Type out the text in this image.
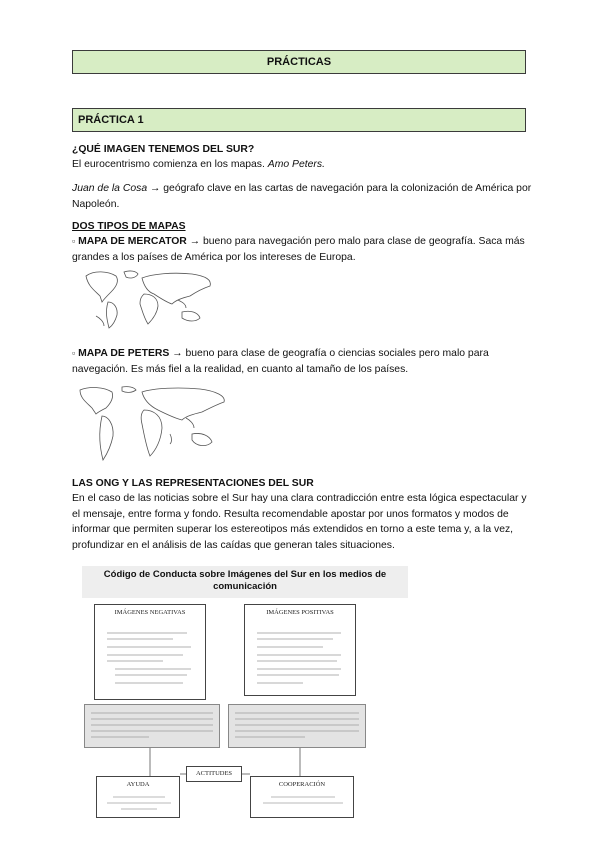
PRÁCTICAS
PRÁCTICA 1
¿QUÉ IMAGEN TENEMOS DEL SUR?
El eurocentrismo comienza en los mapas. Amo Peters.
Juan de la Cosa → geógrafo clave en las cartas de navegación para la colonización de América por Napoleón.
DOS TIPOS DE MAPAS
▫ MAPA DE MERCATOR → bueno para navegación pero malo para clase de geografía. Saca más grandes a los países de América por los intereses de Europa.
▫ MAPA DE PETERS → bueno para clase de geografía o ciencias sociales pero malo para navegación. Es más fiel a la realidad, en cuanto al tamaño de los países.
LAS ONG Y LAS REPRESENTACIONES DEL SUR
En el caso de las noticias sobre el Sur hay una clara contradicción entre esta lógica espectacular y el mensaje, entre forma y fondo. Resulta recomendable apostar por unos formatos y modos de informar que permiten superar los estereotipos más extendidos en torno a este tema y, a la vez, profundizar en el análisis de las caídas que generan tales situaciones.
Código de Conducta sobre Imágenes del Sur en los medios de comunicación
IMÁGENES NEGATIVAS	IMÁGENES POSITIVAS
ACTITUDES
AYUDA	COOPERACIÓN
